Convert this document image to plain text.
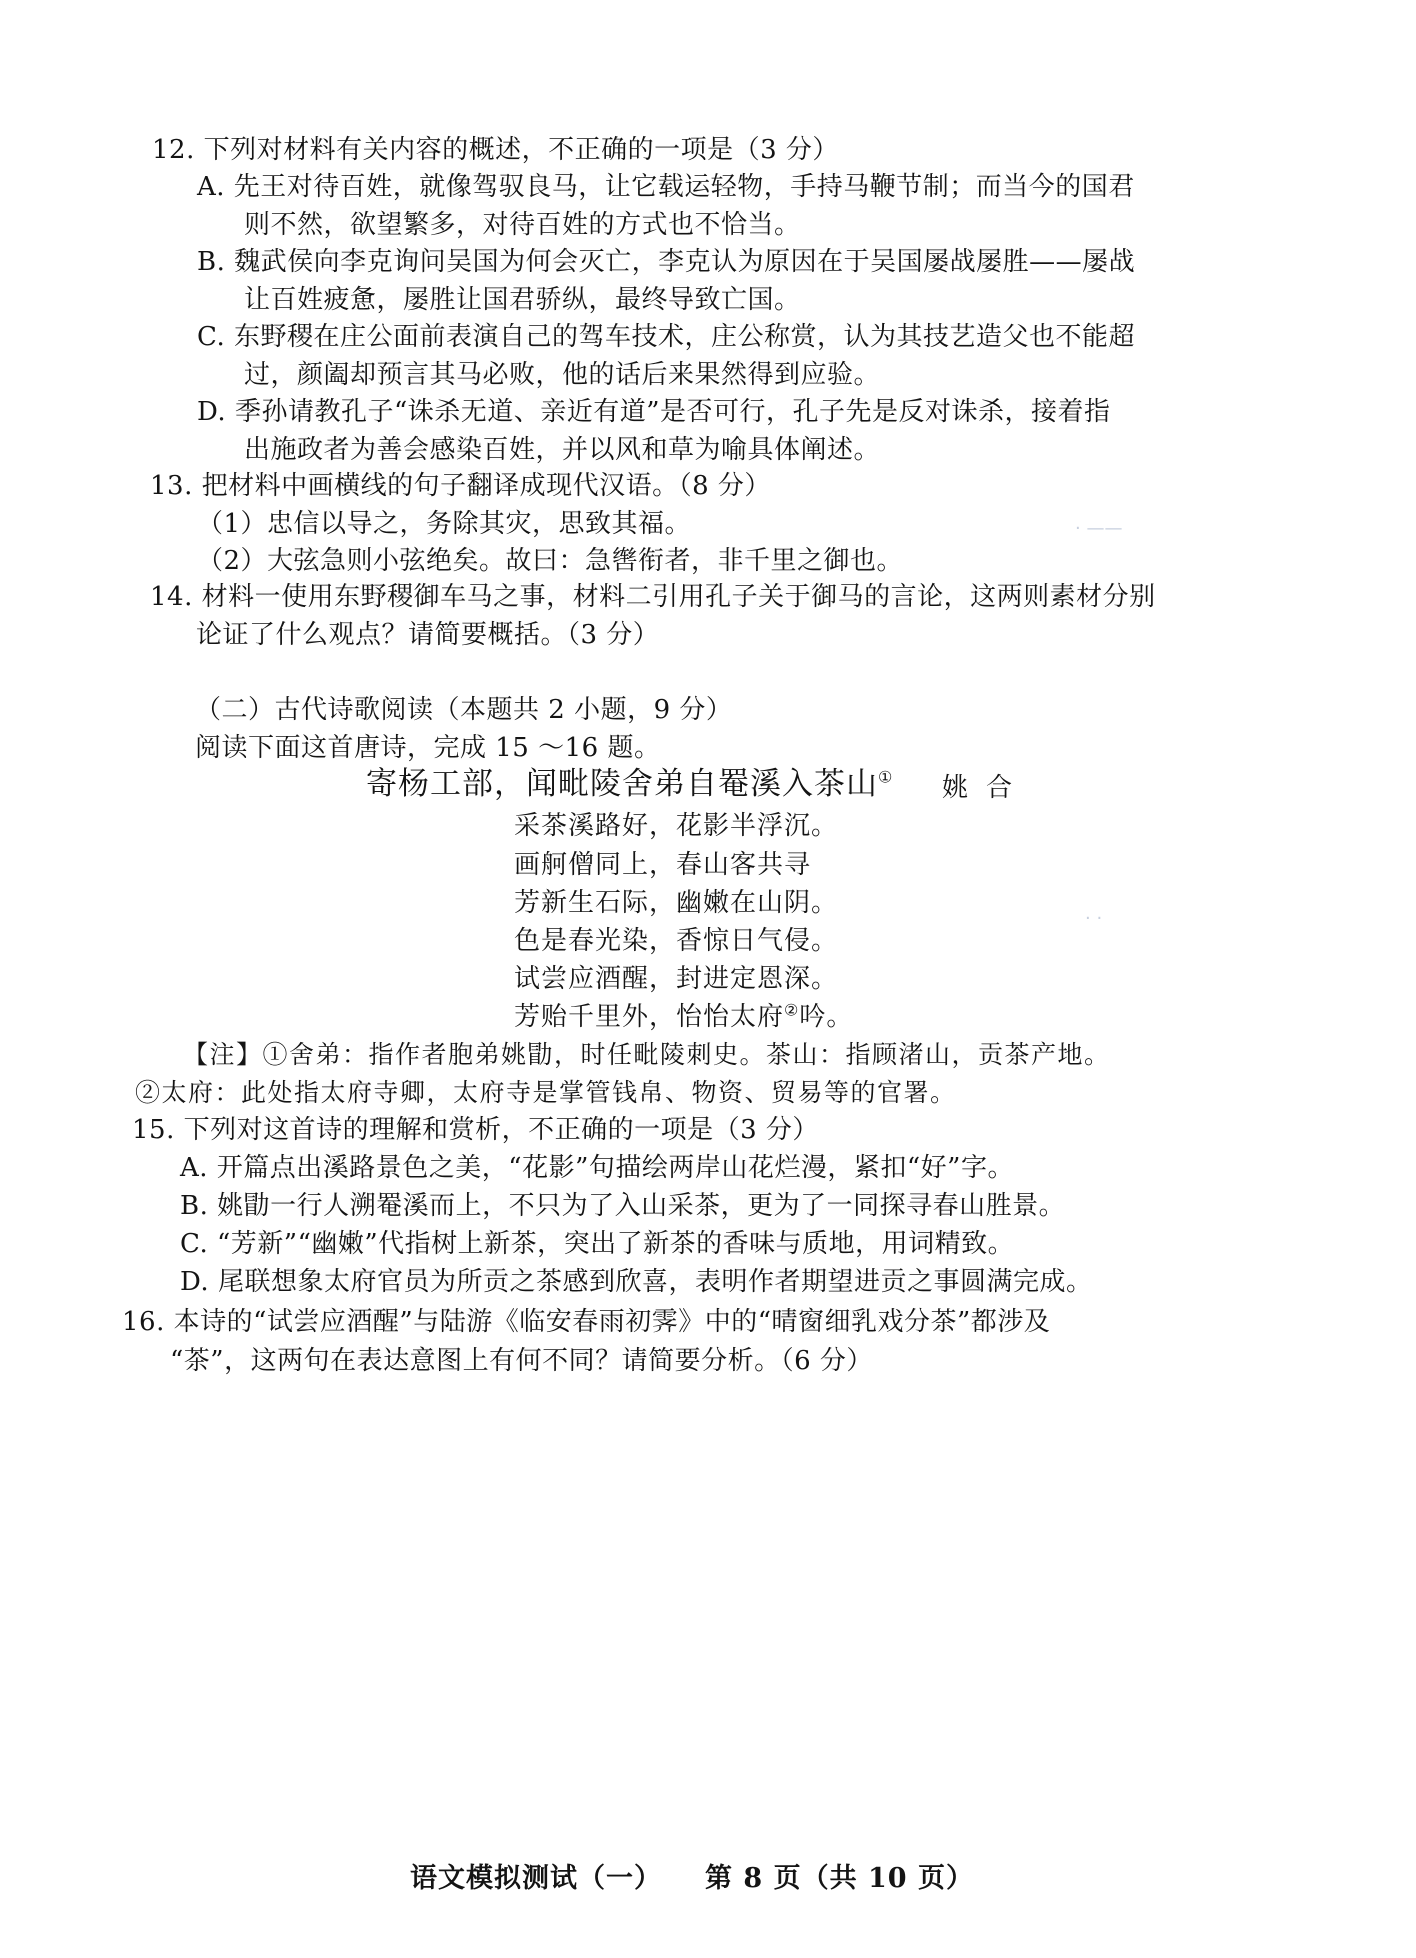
12. 下列对材料有关内容的概述，不正确的一项是（3 分）
A. 先王对待百姓，就像驾驭良马，让它载运轻物，手持马鞭节制；而当今的国君
则不然，欲望繁多，对待百姓的方式也不恰当。
B. 魏武侯向李克询问吴国为何会灭亡，李克认为原因在于吴国屡战屡胜——屡战
让百姓疲惫，屡胜让国君骄纵，最终导致亡国。
C. 东野稷在庄公面前表演自己的驾车技术，庄公称赏，认为其技艺造父也不能超
过，颜阖却预言其马必败，他的话后来果然得到应验。
D. 季孙请教孔子“诛杀无道、亲近有道”是否可行，孔子先是反对诛杀，接着指
出施政者为善会感染百姓，并以风和草为喻具体阐述。
13. 把材料中画横线的句子翻译成现代汉语。（8 分）
（1）忠信以导之，务除其灾，思致其福。
（2）大弦急则小弦绝矣。故曰：急辔衔者，非千里之御也。
14. 材料一使用东野稷御车马之事，材料二引用孔子关于御马的言论，这两则素材分别
论证了什么观点？请简要概括。（3 分）
（二）古代诗歌阅读（本题共 2 小题，9 分）
阅读下面这首唐诗，完成 15 ～16 题。
寄杨工部，闻毗陵舍弟自罨溪入茶山① 姚合
采茶溪路好，花影半浮沉。
画舸僧同上，春山客共寻
芳新生石际，幽嫩在山阴。
色是春光染，香惊日气侵。
试尝应酒醒，封进定恩深。
芳贻千里外，怡怡太府②吟。
【注】①舍弟：指作者胞弟姚勖，时任毗陵刺史。茶山：指顾渚山，贡茶产地。
②太府：此处指太府寺卿，太府寺是掌管钱帛、物资、贸易等的官署。
15. 下列对这首诗的理解和赏析，不正确的一项是（3 分）
A. 开篇点出溪路景色之美，“花影”句描绘两岸山花烂漫，紧扣“好”字。
B. 姚勖一行人溯罨溪而上，不只为了入山采茶，更为了一同探寻春山胜景。
C. “芳新”“幽嫩”代指树上新茶，突出了新茶的香味与质地，用词精致。
D. 尾联想象太府官员为所贡之茶感到欣喜，表明作者期望进贡之事圆满完成。
16. 本诗的“试尝应酒醒”与陆游《临安春雨初霁》中的“晴窗细乳戏分茶”都涉及
“茶”，这两句在表达意图上有何不同？请简要分析。（6 分）
· ——
· ·
语文模拟测试（一） 第 8 页（共 10 页）
